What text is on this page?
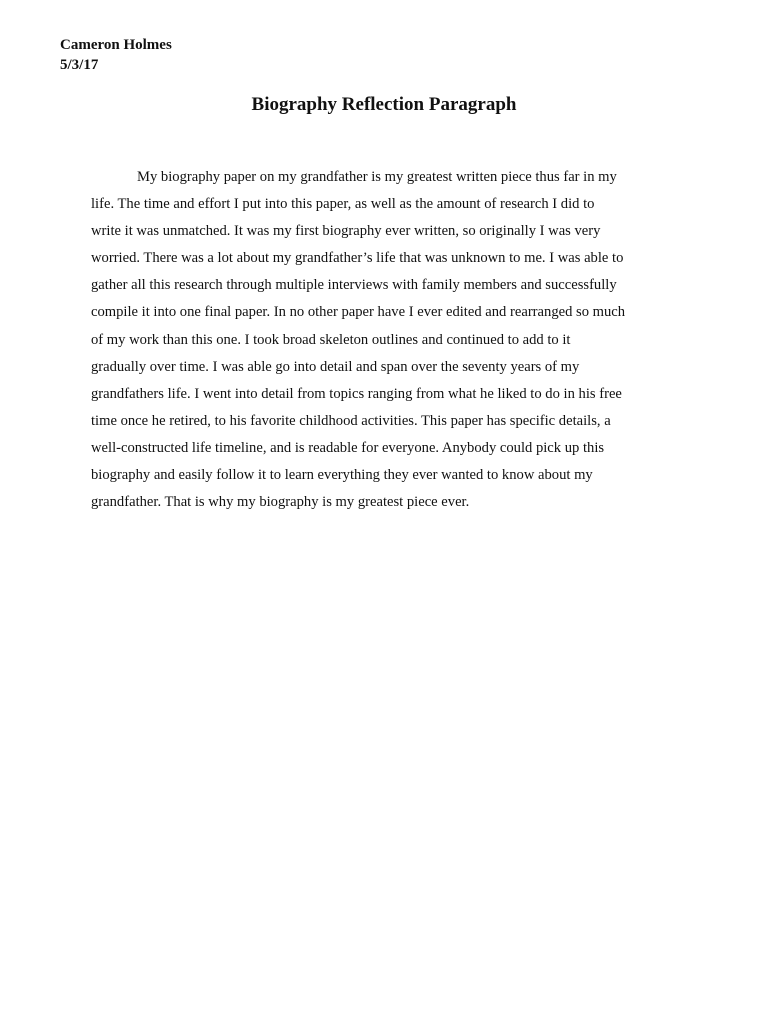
Cameron Holmes
5/3/17
Biography Reflection Paragraph
My biography paper on my grandfather is my greatest written piece thus far in my
life. The time and effort I put into this paper, as well as the amount of research I did to
write it was unmatched. It was my first biography ever written, so originally I was very
worried. There was a lot about my grandfather’s life that was unknown to me. I was able to
gather all this research through multiple interviews with family members and successfully
compile it into one final paper. In no other paper have I ever edited and rearranged so much
of my work than this one. I took broad skeleton outlines and continued to add to it
gradually over time. I was able go into detail and span over the seventy years of my
grandfathers life. I went into detail from topics ranging from what he liked to do in his free
time once he retired, to his favorite childhood activities. This paper has specific details, a
well-constructed life timeline, and is readable for everyone. Anybody could pick up this
biography and easily follow it to learn everything they ever wanted to know about my
grandfather. That is why my biography is my greatest piece ever.
